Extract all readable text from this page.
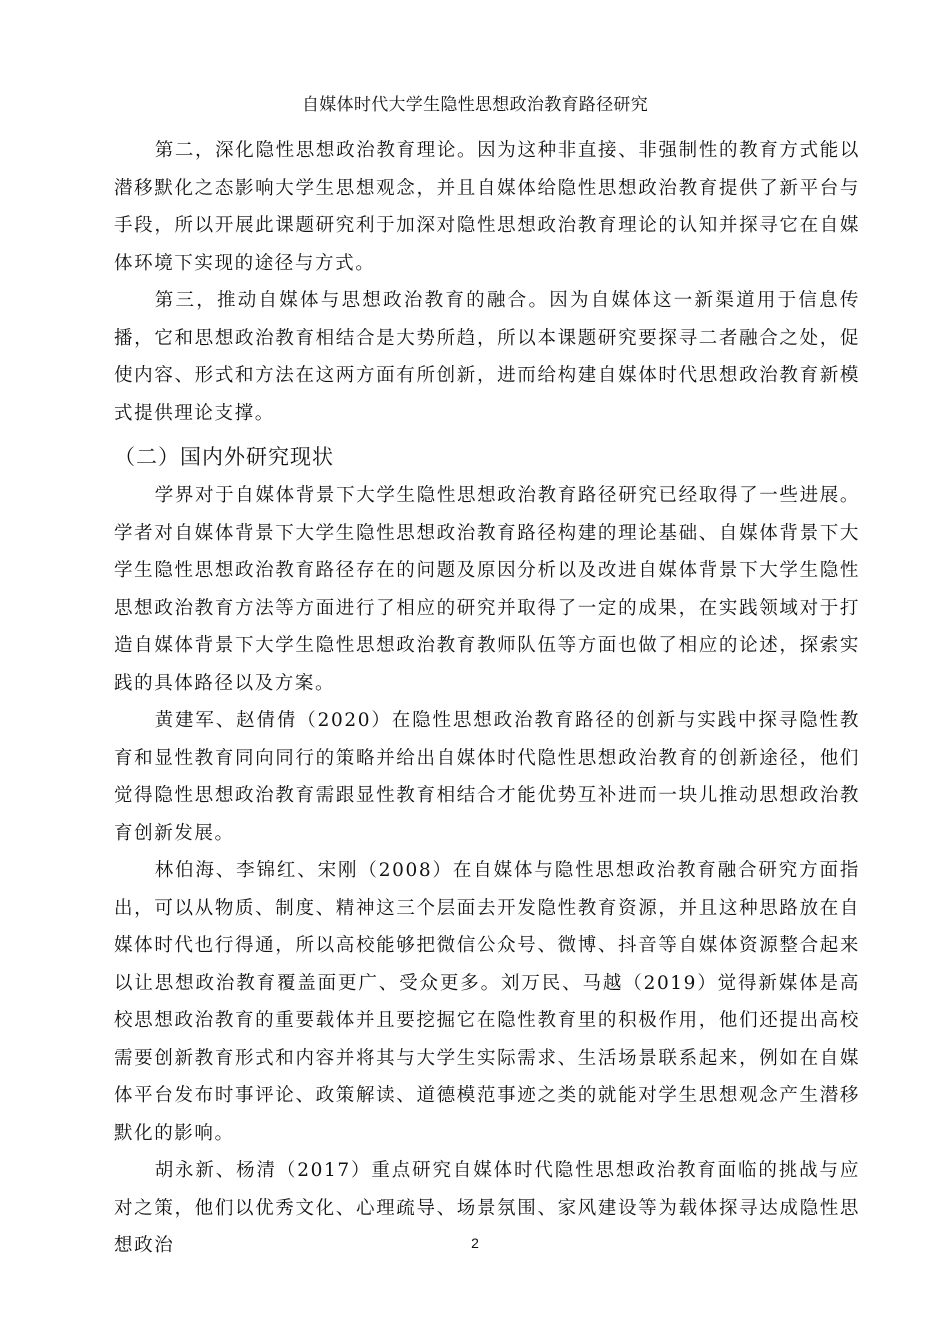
自媒体时代大学生隐性思想政治教育路径研究

第二，深化隐性思想政治教育理论。因为这种非直接、非强制性的教育方式能以潜移默化之态影响大学生思想观念，并且自媒体给隐性思想政治教育提供了新平台与手段，所以开展此课题研究利于加深对隐性思想政治教育理论的认知并探寻它在自媒体环境下实现的途径与方式。

第三，推动自媒体与思想政治教育的融合。因为自媒体这一新渠道用于信息传播，它和思想政治教育相结合是大势所趋，所以本课题研究要探寻二者融合之处，促使内容、形式和方法在这两方面有所创新，进而给构建自媒体时代思想政治教育新模式提供理论支撑。

（二）国内外研究现状

学界对于自媒体背景下大学生隐性思想政治教育路径研究已经取得了一些进展。学者对自媒体背景下大学生隐性思想政治教育路径构建的理论基础、自媒体背景下大学生隐性思想政治教育路径存在的问题及原因分析以及改进自媒体背景下大学生隐性思想政治教育方法等方面进行了相应的研究并取得了一定的成果，在实践领域对于打造自媒体背景下大学生隐性思想政治教育教师队伍等方面也做了相应的论述，探索实践的具体路径以及方案。

黄建军、赵倩倩（2020）在隐性思想政治教育路径的创新与实践中探寻隐性教育和显性教育同向同行的策略并给出自媒体时代隐性思想政治教育的创新途径，他们觉得隐性思想政治教育需跟显性教育相结合才能优势互补进而一块儿推动思想政治教育创新发展。

林伯海、李锦红、宋刚（2008）在自媒体与隐性思想政治教育融合研究方面指出，可以从物质、制度、精神这三个层面去开发隐性教育资源，并且这种思路放在自媒体时代也行得通，所以高校能够把微信公众号、微博、抖音等自媒体资源整合起来以让思想政治教育覆盖面更广、受众更多。刘万民、马越（2019）觉得新媒体是高校思想政治教育的重要载体并且要挖掘它在隐性教育里的积极作用，他们还提出高校需要创新教育形式和内容并将其与大学生实际需求、生活场景联系起来，例如在自媒体平台发布时事评论、政策解读、道德模范事迹之类的就能对学生思想观念产生潜移默化的影响。

胡永新、杨清（2017）重点研究自媒体时代隐性思想政治教育面临的挑战与应对之策，他们以优秀文化、心理疏导、场景氛围、家风建设等为载体探寻达成隐性思想政治	2
